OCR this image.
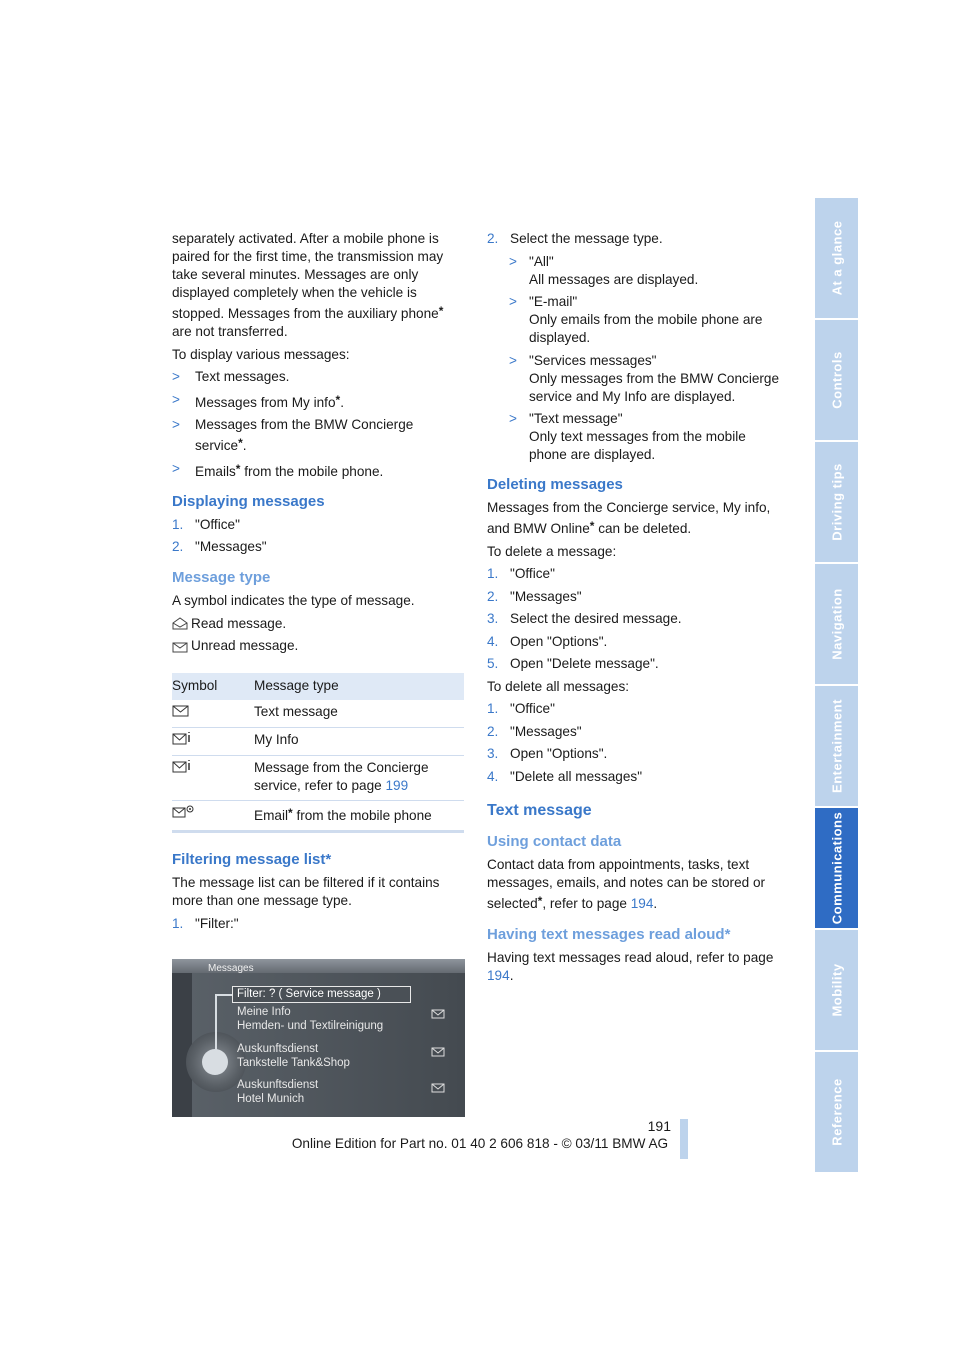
separately activated. After a mobile phone is paired for the first time, the transmission may take several minutes. Messages are only displayed completely when the vehicle is stopped. Messages from the auxiliary phone* are not transferred.

To display various messages:

>	Text messages.
>	Messages from My info*.
>	Messages from the BMW Concierge service*.
>	Emails* from the mobile phone.
Displaying messages
1. "Office"
2. "Messages"
Message type

A symbol indicates the type of message.

Read message.
Unread message.
Symbol	Message type
	Text message
	My Info
	Message from the Concierge service, refer to page 199
	Email* from the mobile phone
Filtering message list*

The message list can be filtered if it contains more than one message type.

1. "Filter:"
Messages
Filter: ? ( Service message )
Meine Info
Hemden- und Textilreinigung
Auskunftsdienst
Tankstelle Tank&Shop
Auskunftsdienst
Hotel Munich
2. Select the message type.
> "All"
All messages are displayed.
> "E-mail"
Only emails from the mobile phone are displayed.
> "Services messages"
Only messages from the BMW Concierge service and My Info are displayed.
> "Text message"
Only text messages from the mobile phone are displayed.
Deleting messages

Messages from the Concierge service, My info, and BMW Online* can be deleted.

To delete a message:

1. "Office"
2. "Messages"
3. Select the desired message.
4. Open "Options".
5. Open "Delete message".

To delete all messages:

1. "Office"
2. "Messages"
3. Open "Options".
4. "Delete all messages"
Text message
Using contact data

Contact data from appointments, tasks, text messages, emails, and notes can be stored or selected*, refer to page 194.

Having text messages read aloud*

Having text messages read aloud, refer to page 194.

At a glance
Controls
Driving tips
Navigation
Entertainment
Communications
Mobility
Reference
191
Online Edition for Part no. 01 40 2 606 818 - © 03/11 BMW AG
